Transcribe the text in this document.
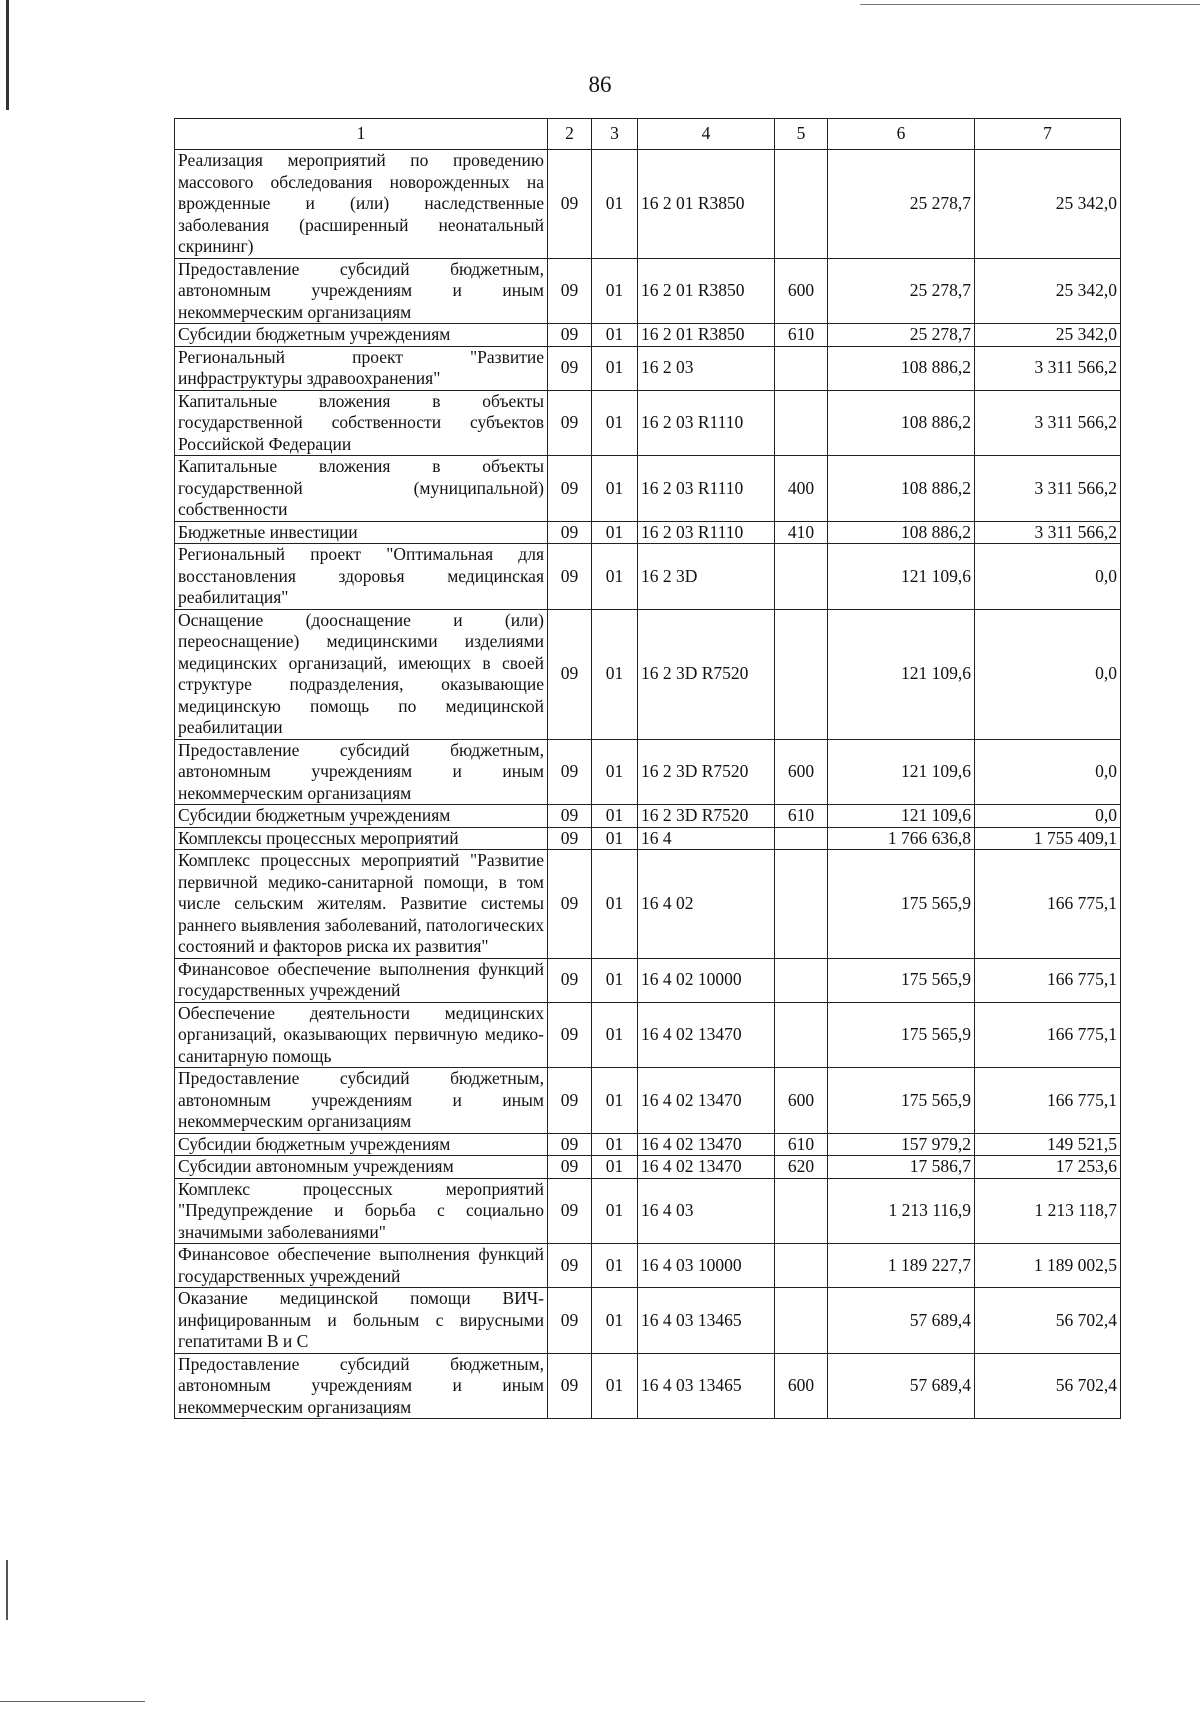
86
1	2	3	4	5	6	7
Реализация мероприятий по проведению массового обследования новорожденных на врожденные и (или) наследственные заболевания (расширенный неонатальный скрининг)	09	01	16 2 01 R3850		25 278,7	25 342,0
Предоставление субсидий бюджетным, автономным учреждениям и иным некоммерческим организациям	09	01	16 2 01 R3850	600	25 278,7	25 342,0
Субсидии бюджетным учреждениям	09	01	16 2 01 R3850	610	25 278,7	25 342,0
Региональный проект "Развитие инфраструктуры здравоохранения"	09	01	16 2 03		108 886,2	3 311 566,2
Капитальные вложения в объекты государственной собственности субъектов Российской Федерации	09	01	16 2 03 R1110		108 886,2	3 311 566,2
Капитальные вложения в объекты государственной (муниципальной) собственности	09	01	16 2 03 R1110	400	108 886,2	3 311 566,2
Бюджетные инвестиции	09	01	16 2 03 R1110	410	108 886,2	3 311 566,2
Региональный проект "Оптимальная для восстановления здоровья медицинская реабилитация"	09	01	16 2 3D		121 109,6	0,0
Оснащение (дооснащение и (или) переоснащение) медицинскими изделиями медицинских организаций, имеющих в своей структуре подразделения, оказывающие медицинскую помощь по медицинской реабилитации	09	01	16 2 3D R7520		121 109,6	0,0
Предоставление субсидий бюджетным, автономным учреждениям и иным некоммерческим организациям	09	01	16 2 3D R7520	600	121 109,6	0,0
Субсидии бюджетным учреждениям	09	01	16 2 3D R7520	610	121 109,6	0,0
Комплексы процессных мероприятий	09	01	16 4		1 766 636,8	1 755 409,1
Комплекс процессных мероприятий "Развитие первичной медико-санитарной помощи, в том числе сельским жителям. Развитие системы раннего выявления заболеваний, патологических состояний и факторов риска их развития"	09	01	16 4 02		175 565,9	166 775,1
Финансовое обеспечение выполнения функций государственных учреждений	09	01	16 4 02 10000		175 565,9	166 775,1
Обеспечение деятельности медицинских организаций, оказывающих первичную медико-санитарную помощь	09	01	16 4 02 13470		175 565,9	166 775,1
Предоставление субсидий бюджетным, автономным учреждениям и иным некоммерческим организациям	09	01	16 4 02 13470	600	175 565,9	166 775,1
Субсидии бюджетным учреждениям	09	01	16 4 02 13470	610	157 979,2	149 521,5
Субсидии автономным учреждениям	09	01	16 4 02 13470	620	17 586,7	17 253,6
Комплекс процессных мероприятий "Предупреждение и борьба с социально значимыми заболеваниями"	09	01	16 4 03		1 213 116,9	1 213 118,7
Финансовое обеспечение выполнения функций государственных учреждений	09	01	16 4 03 10000		1 189 227,7	1 189 002,5
Оказание медицинской помощи ВИЧ-инфицированным и больным с вирусными гепатитами В и С	09	01	16 4 03 13465		57 689,4	56 702,4
Предоставление субсидий бюджетным, автономным учреждениям и иным некоммерческим организациям	09	01	16 4 03 13465	600	57 689,4	56 702,4
